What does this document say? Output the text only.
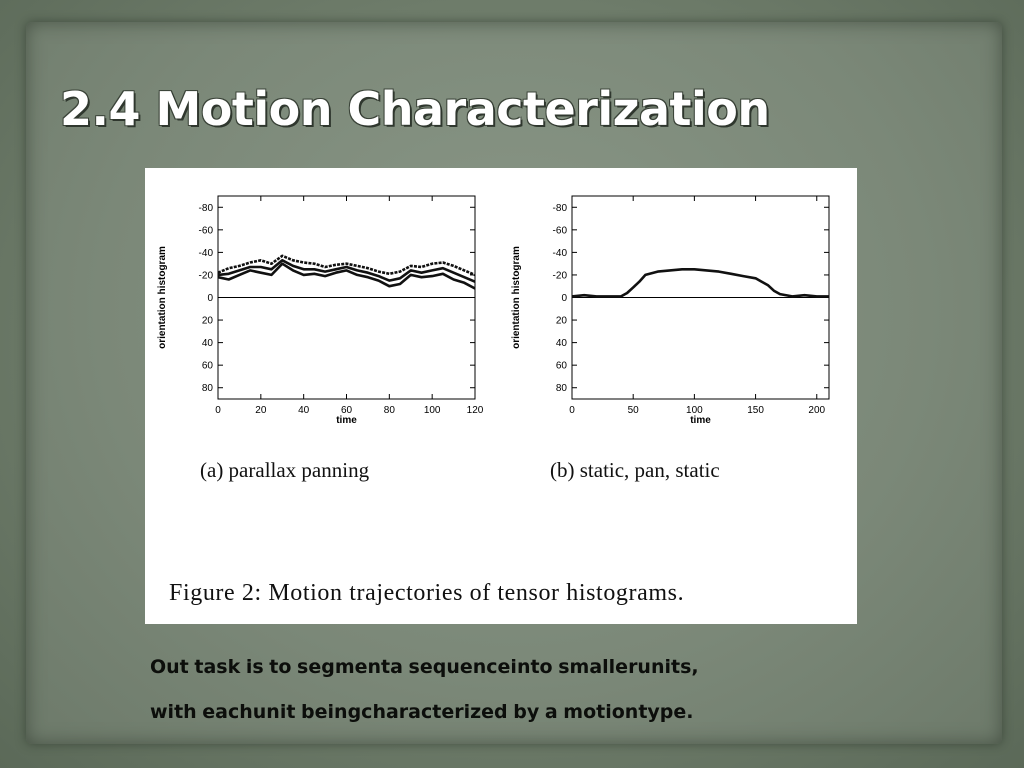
2.4 Motion Characterization
-80
-60
-40
-20
0
20
40
60
80
0	20	40	60	80	100	120
time
orientation histogram
-80
-60
-40
-20
0
20
40
60
80
0	50	100	150	200
time
orientation histogram
(a) parallax panning	(b) static, pan, static
Figure 2: Motion trajectories of tensor histograms.

Out task is to segmenta sequenceinto smallerunits,

with eachunit beingcharacterized by a motiontype.
